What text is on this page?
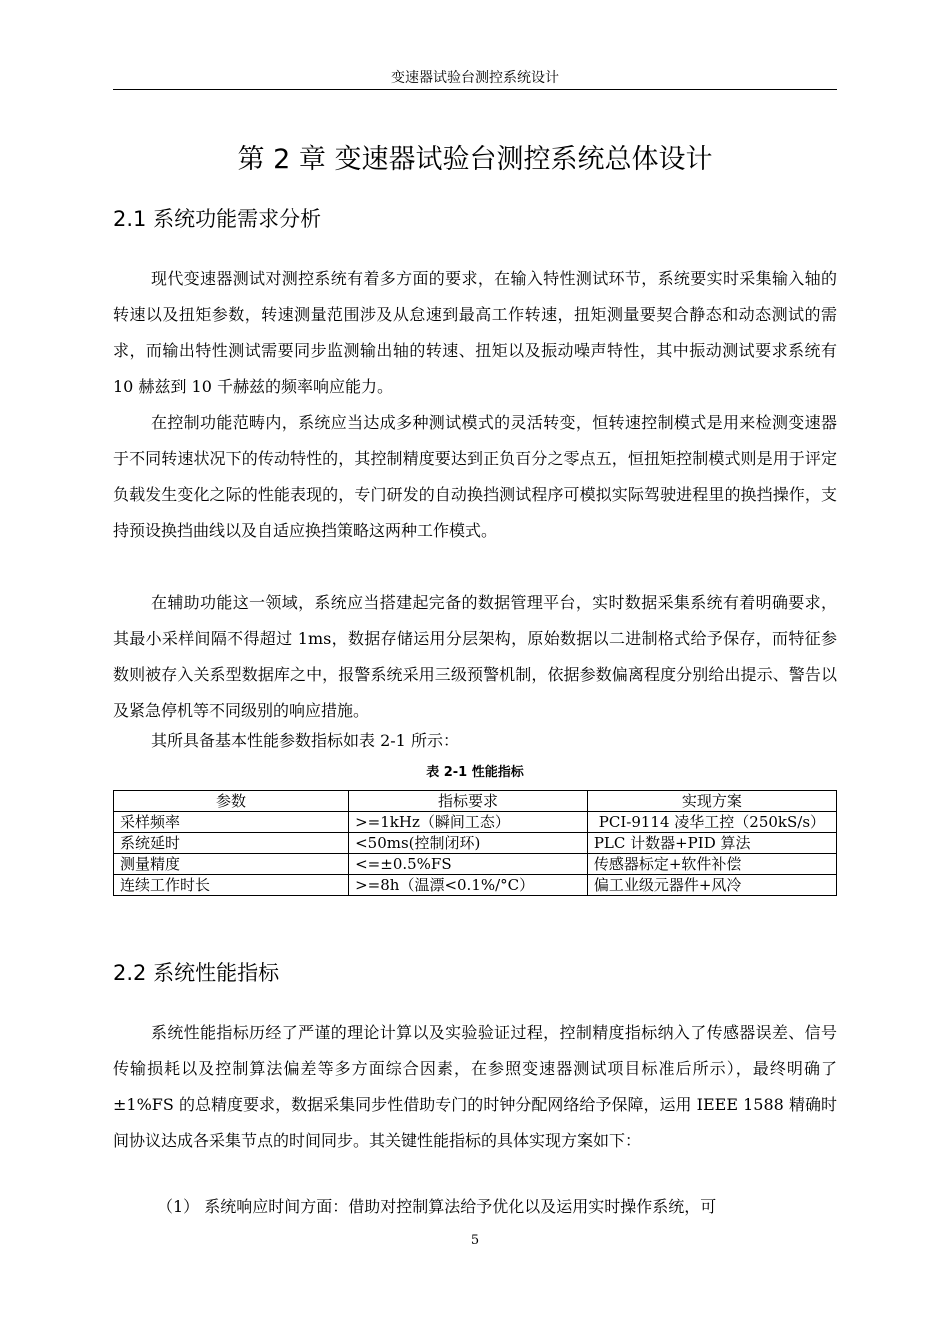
变速器试验台测控系统设计
第 2 章 变速器试验台测控系统总体设计
2.1 系统功能需求分析

现代变速器测试对测控系统有着多方面的要求，在输入特性测试环节，系统要实时采集输入轴的转速以及扭矩参数，转速测量范围涉及从怠速到最高工作转速，扭矩测量要契合静态和动态测试的需求，而输出特性测试需要同步监测输出轴的转速、扭矩以及振动噪声特性，其中振动测试要求系统有 10 赫兹到 10 千赫兹的频率响应能力。

在控制功能范畴内，系统应当达成多种测试模式的灵活转变，恒转速控制模式是用来检测变速器于不同转速状况下的传动特性的，其控制精度要达到正负百分之零点五，恒扭矩控制模式则是用于评定负载发生变化之际的性能表现的，专门研发的自动换挡测试程序可模拟实际驾驶进程里的换挡操作，支持预设换挡曲线以及自适应换挡策略这两种工作模式。

在辅助功能这一领域，系统应当搭建起完备的数据管理平台，实时数据采集系统有着明确要求，其最小采样间隔不得超过 1ms，数据存储运用分层架构，原始数据以二进制格式给予保存，而特征参数则被存入关系型数据库之中，报警系统采用三级预警机制，依据参数偏离程度分别给出提示、警告以及紧急停机等不同级别的响应措施。

其所具备基本性能参数指标如表 2-1 所示：

表 2-1 性能指标
参数	指标要求	实现方案
采样频率	>=1kHz（瞬间工态）	PCI-9114 凌华工控（250kS/s）
系统延时	<50ms(控制闭环)	PLC 计数器+PID 算法
测量精度	<=±0.5%FS	传感器标定+软件补偿
连续工作时长	>=8h（温漂<0.1%/°C）	偏工业级元器件+风冷
2.2 系统性能指标

系统性能指标历经了严谨的理论计算以及实验验证过程，控制精度指标纳入了传感器误差、信号传输损耗以及控制算法偏差等多方面综合因素，在参照变速器测试项目标准后所示），最终明确了±1%FS 的总精度要求，数据采集同步性借助专门的时钟分配网络给予保障，运用 IEEE 1588 精确时间协议达成各采集节点的时间同步。其关键性能指标的具体实现方案如下：

（1） 系统响应时间方面：借助对控制算法给予优化以及运用实时操作系统，可

5
